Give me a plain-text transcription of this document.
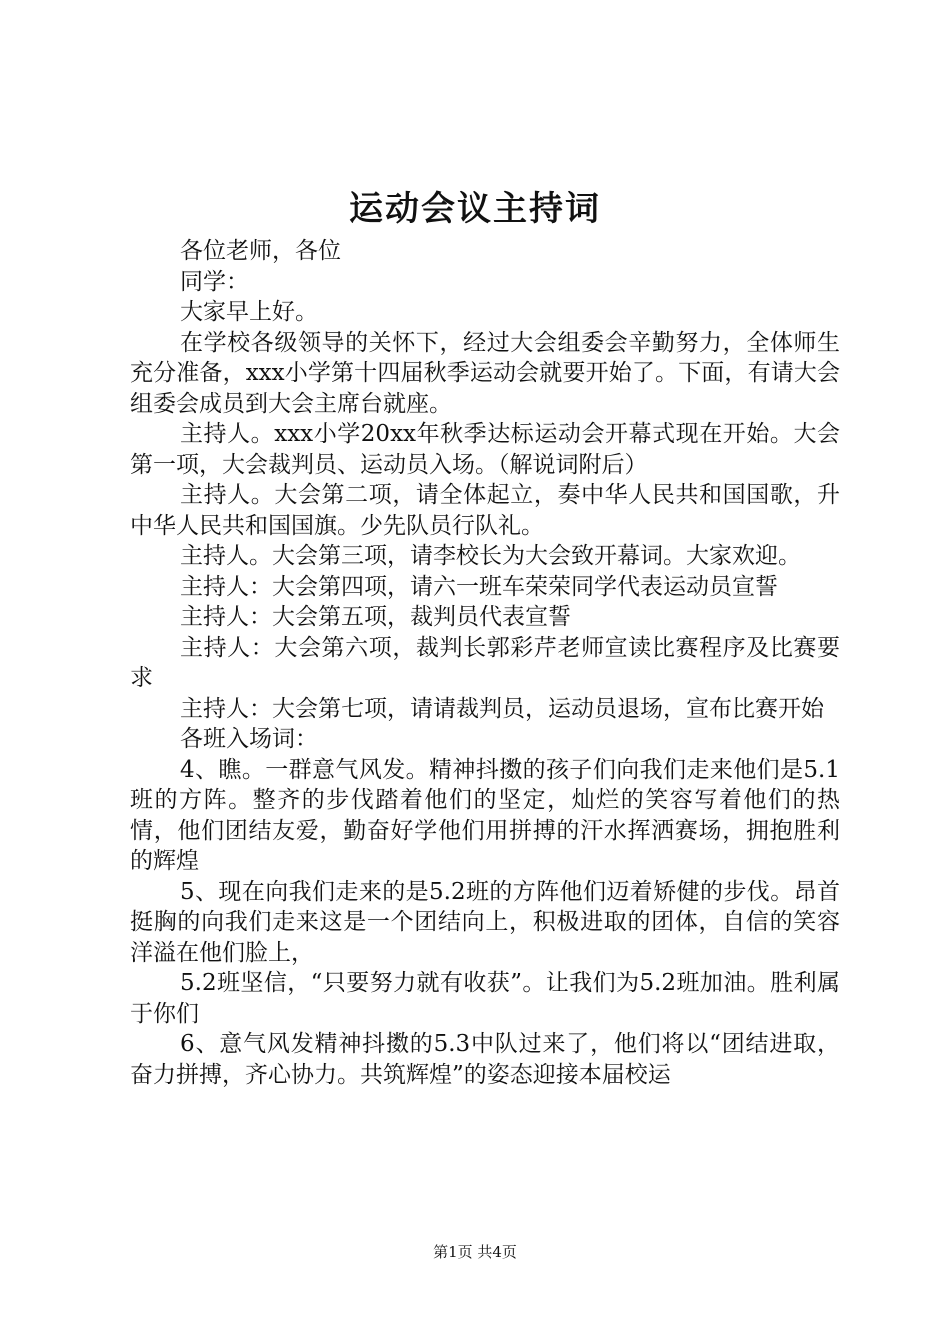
运动会议主持词

各位老师，各位

同学：

大家早上好。

在学校各级领导的关怀下，经过大会组委会辛勤努力，全体师生充分准备，xxx小学第十四届秋季运动会就要开始了。下面，有请大会组委会成员到大会主席台就座。

主持人。xxx小学20xx年秋季达标运动会开幕式现在开始。大会第一项，大会裁判员、运动员入场。（解说词附后）

主持人。大会第二项，请全体起立，奏中华人民共和国国歌，升中华人民共和国国旗。少先队员行队礼。

主持人。大会第三项，请李校长为大会致开幕词。大家欢迎。

主持人：大会第四项，请六一班车荣荣同学代表运动员宣誓

主持人：大会第五项，裁判员代表宣誓

主持人：大会第六项，裁判长郭彩芹老师宣读比赛程序及比赛要求

主持人：大会第七项，请请裁判员，运动员退场，宣布比赛开始

各班入场词：

4、瞧。一群意气风发。精神抖擞的孩子们向我们走来他们是5.1班的方阵。整齐的步伐踏着他们的坚定，灿烂的笑容写着他们的热情，他们团结友爱，勤奋好学他们用拼搏的汗水挥洒赛场，拥抱胜利的辉煌

5、现在向我们走来的是5.2班的方阵他们迈着矫健的步伐。昂首挺胸的向我们走来这是一个团结向上，积极进取的团体，自信的笑容洋溢在他们脸上，

5.2班坚信，“只要努力就有收获”。让我们为5.2班加油。胜利属于你们

6、意气风发精神抖擞的5.3中队过来了，他们将以“团结进取，奋力拼搏，齐心协力。共筑辉煌”的姿态迎接本届校运

第1页 共4页
